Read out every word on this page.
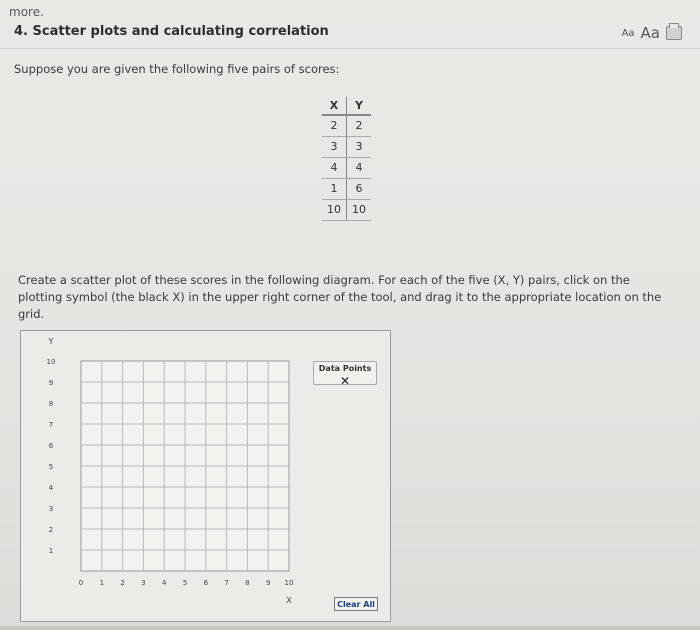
more.
4. Scatter plots and calculating correlation	Aa Aa
Suppose you are given the following five pairs of scores:
X	Y
2	2
3	3
4	4
1	6
10	10
Create a scatter plot of these scores in the following diagram. For each of the five (X, Y) pairs, click on the plotting symbol (the black X) in the upper right corner of the tool, and drag it to the appropriate location on the grid.
0 1 2 3 4 5 6 7 8 9 10
1
2
3
4
5
6
7
8
9
10
Y
X
Data Points
✕
Clear All
